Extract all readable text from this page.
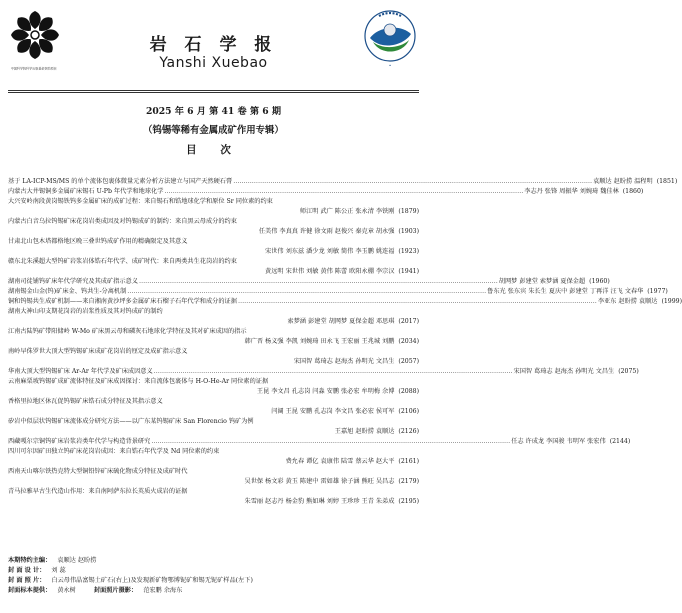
中国科学院科学出版基金资助项目
•
岩 石 学 报
Yanshi Xuebao
2025 年 6 月 第 41 卷 第 6 期
（钨锡等稀有金属成矿作用专辑）
目 次
基于 LA-ICP-MS/MS 的单个流体包裹体微量元素分析方法建立与国产天然硬石膏 …………………………………………………………………………………………………………………………………………………………	袁顺达 赵盼捞 温程明 (1851)
内蒙古大井锡铜多金属矿床锡石 U-Pb 年代学和地球化学 …………………………………………………………………………………………………………………………………………………………	李志丹 张锋 周振华 刘婉琦 魏佳林 (1860)
大兴安岭南段黄岗锡铁钨多金属矿床的成矿过程：来自锡石和锆地球化学和原位 Sr 同位素的约束
师江明 武广 陈公正 张永清 李铁刚 (1879)
内蒙古白音乌拉钨锡矿床花岗岩类成因及对钨锡成矿的制约：来自黑云母成分的约束
任美伟 李真真 许健 徐文雨 赵俊兴 秦克章 胡永强 (1903)
甘肃北山包木塔都格地区晚三叠世钨成矿作用的精确限定及其意义
宋世伟 刘东兹 潘少龙 刘敏 简伟 李玉鹏 姚连福 (1923)
赣东北朱溪超大型钨矿岩浆岩体锆石年代学、成矿时代：来自两类共生花岗岩的约束
黄远明 宋世伟 刘敏 黄伟 陈蕾 欧阳永棚 李宗汉 (1941)
湖南司徒铺钨矿床年代学研究及其成矿指示意义 …………………………………………………………………………………………………………………………………………………………	胡网梦 彭建堂 索梦涵 夏保金超 (1960)
湖南锡金山金(钨)矿床金、钨共生-分离机制 …………………………………………………………………………………………………………………………………………………………	鲁东光 张东宾 朱长生 夏庆中 彭建堂 丁再洋 汪飞 文春华 (1977)
铜和钨锡共生成矿机制——来自湘南黄沙坪多金属矿床石榴子石年代学和成分的证据 …………………………………………………………………………………………………………………………………………………………	李亚东 赵盼捞 袁顺达 (1999)
湖南大神山印支期花岗岩的岩浆性质及其对钨成矿的制约
索梦涵 彭建堂 胡网梦 夏保金超 邓思琪 (2017)
江南古陆钨矿带阳储岭 W-Mo 矿床黑云母和磷灰石地球化学特征及其对矿床成因的指示
韩广晋 杨义强 李凯 刘婉琦 田永飞 王宏丽 王兆城 刘鹏 (2034)
南岭早侏罗世大顶大型钨锡矿床成矿花岗岩的厘定及成矿指示意义
宋国智 葛琦志 赵海杰 孙明光 文昌生 (2057)
华南大顶大型钨锡矿床 Ar-Ar 年代学及矿床成因意义 …………………………………………………………………………………………………………………………………………………………	宋国智 葛琦志 赵海杰 孙明光 文昌生 (2075)
云南麻栗坡钨锡矿成矿流体特征及矿床成因探讨：来自流体包裹体与 H-O-He-Ar 同位素的证据
王昆 李文昌 孔志岗 闫淼 安鹏 张必宏 牟明梅 余博 (2088)
香格里拉地区休瓦促钨锡矿床锆石成分特征及其指示意义
闫阔 王昆 安鹏 孔志岗 李文昌 张必宏 侯可军 (2106)
矽岩中似层状钨锡矿床流体成分研究方法——以广东某钨锡矿床 San Florencio 钨矿为例
王嘉旭 赵盼捞 袁顺达 (2126)
西藏嘎尔宗铜钨矿床岩浆岩类年代学与构造背景研究 …………………………………………………………………………………………………………………………………………………………	任志 许成龙 李国骏 韦明军 张宏伟 (2144)
四川可尔因矿田独立钨矿床花岗岩成因：来自锆石年代学及 Nd 同位素的约束
费允春 谭亿 袁康伟 陆雪 蔡云华 赵大平 (2161)
西南天山喀尔铁热克特大型铜铅锌矿床硫化物成分特征及成矿时代
吴世保 杨文彩 黄玉 陈建中 雷如雄 徐子涵 熊旺 吴昌志 (2179)
青马拉雅早古生代造山作用：来自南阿萨东拉长英质火成岩的证据
朱雪丽 赵志丹 杨金豹 熊如琳 刘婷 王珍珍 王青 朱弟成 (2195)
本期特约主编： 袁顺达 赵盼捞
封 面 设 计： 刘 蕊
封 面 照 片： 白云母伟晶富锡土矿石(右上)及发现新矿物鄂博铌矿和锡无铌矿样品(左下)
封面标本提供： 黄永树	封面照片摄影： 范宏鹏 余海东
